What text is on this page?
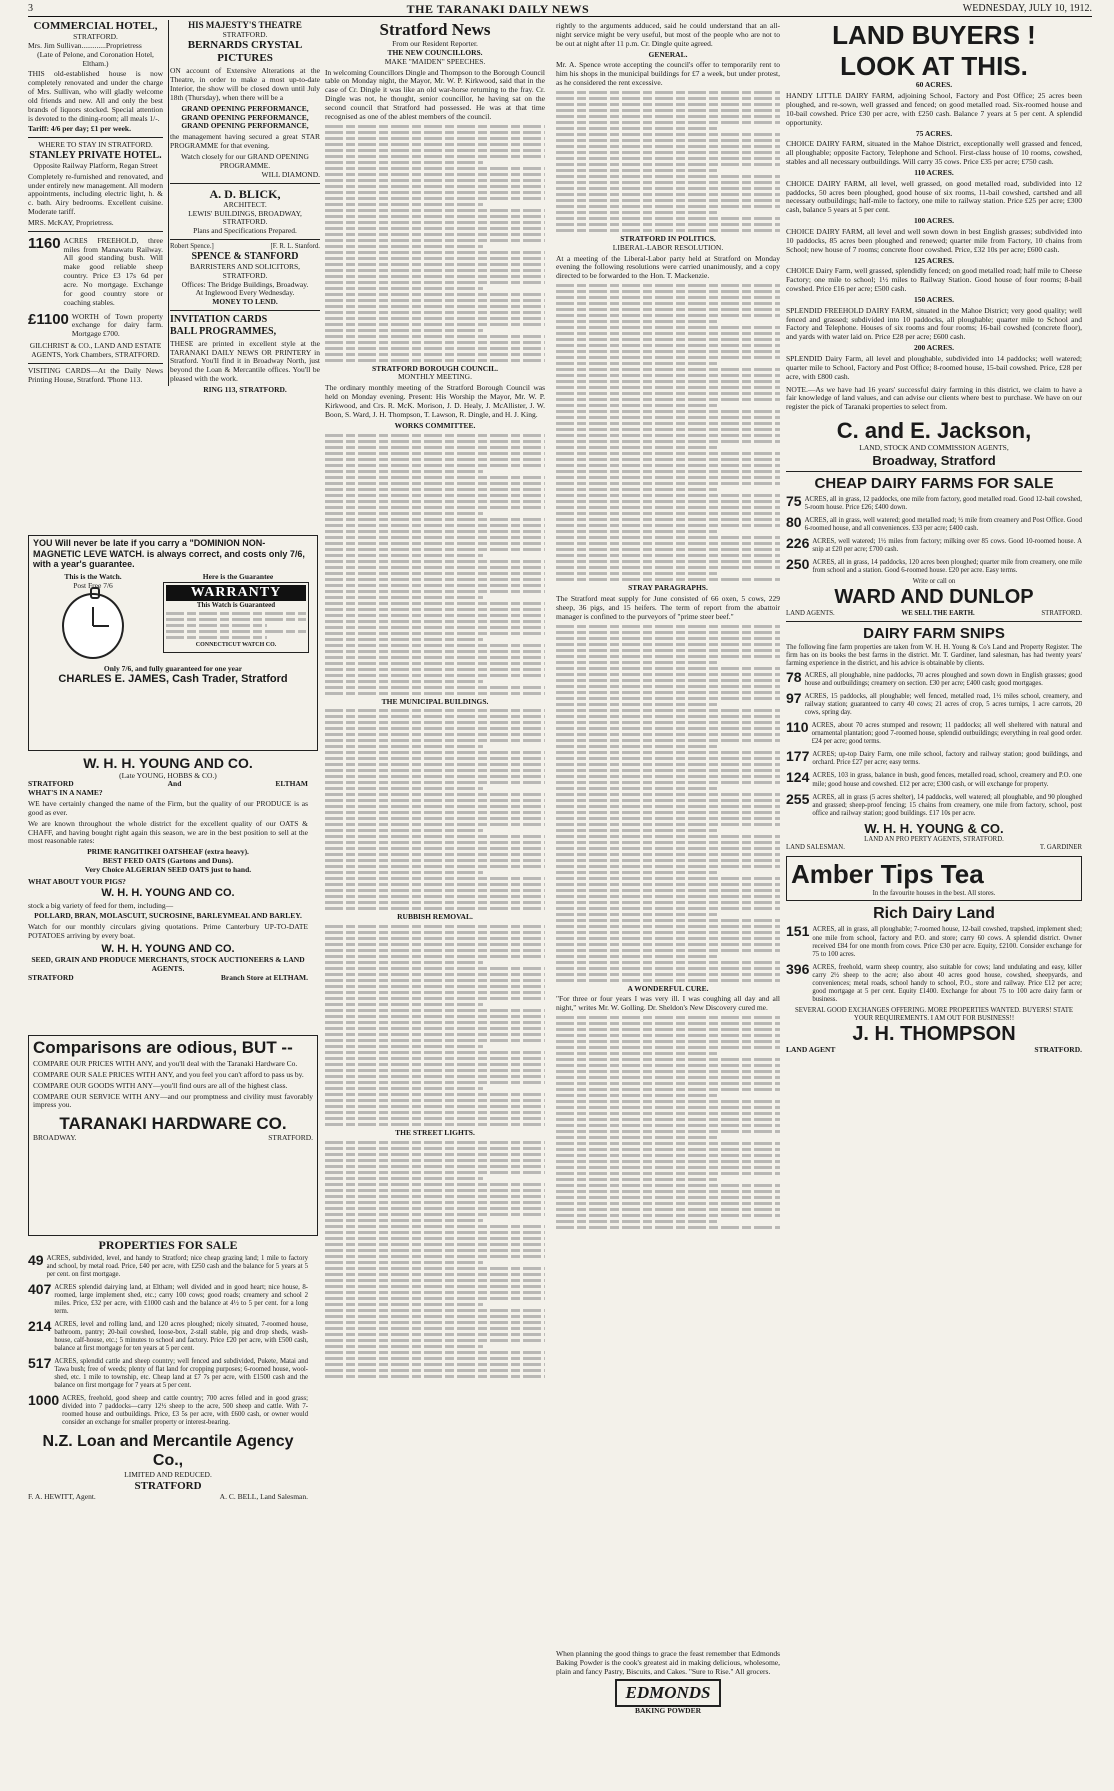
3	THE TARANAKI DAILY NEWS	WEDNESDAY, JULY 10, 1912.
COMMERCIAL HOTEL,
STRATFORD.
Mrs. Jim Sullivan.............Proprietress
(Late of Pelone, and Coronation Hotel, Eltham.)
THIS old-established house is now completely renovated and under the charge of Mrs. Sullivan, who will gladly welcome old friends and new. All and only the best brands of liquors stocked. Special attention is devoted to the dining-room; all meals 1/-.
Tariff: 4/6 per day; £1 per week.
WHERE TO STAY IN STRATFORD.
STANLEY PRIVATE HOTEL.
Opposite Railway Platform, Regan Street
Completely re-furnished and renovated, and under entirely new management. All modern appointments, including electric light, h. & c. bath. Airy bedrooms. Excellent cuisine. Moderate tariff.
MRS. McKAY, Proprietress.
1160 ACRES FREEHOLD, three miles from Manawatu Railway. All good standing bush. Will make good reliable sheep country. Price £3 17s 6d per acre. No mortgage. Exchange for good country store or coaching stables.
£1100 WORTH of Town property exchange for dairy farm. Mortgage £700.
GILCHRIST & CO., LAND AND ESTATE AGENTS, York Chambers, STRATFORD.
VISITING CARDS—At the Daily News Printing House, Stratford. 'Phone 113.
YOU Will never be late if you carry a "DOMINION NON-MAGNETIC LEVE WATCH. is always correct, and costs only 7/6, with a year's guarantee.
This is the Watch.
Post Free 7/6
Here is the Guarantee
WARRANTY
This Watch is Guaranteed
CONNECTICUT WATCH CO.
Only 7/6, and fully guaranteed for one year
CHARLES E. JAMES, Cash Trader, Stratford
W. H. H. YOUNG AND CO.
(Late YOUNG, HOBBS & CO.)
STRATFORD	And	ELTHAM
WHAT'S IN A NAME?
WE have certainly changed the name of the Firm, but the quality of our PRODUCE is as good as ever.
We are known throughout the whole district for the excellent quality of our OATS & CHAFF, and having bought right again this season, we are in the best position to sell at the most reasonable rates:
PRIME RANGITIKEI OATSHEAF (extra heavy).
BEST FEED OATS (Gartons and Duns).
Very Choice ALGERIAN SEED OATS just to hand.
WHAT ABOUT YOUR PIGS?
W. H. H. YOUNG AND CO.
stock a big variety of feed for them, including—
POLLARD, BRAN, MOLASCUIT, SUCROSINE, BARLEYMEAL AND BARLEY.
Watch for our monthly circulars giving quotations. Prime Canterbury UP-TO-DATE POTATOES arriving by every boat.
W. H. H. YOUNG AND CO.
SEED, GRAIN AND PRODUCE MERCHANTS, STOCK AUCTIONEERS & LAND AGENTS.
STRATFORD	Branch Store at ELTHAM.
Comparisons are odious, BUT --
COMPARE OUR PRICES WITH ANY, and you'll deal with the Taranaki Hardware Co.
COMPARE OUR SALE PRICES WITH ANY, and you feel you can't afford to pass us by.
COMPARE OUR GOODS WITH ANY—you'll find ours are all of the highest class.
COMPARE OUR SERVICE WITH ANY—and our promptness and civility must favorably impress you.
TARANAKI HARDWARE CO.
BROADWAY.	STRATFORD.
PROPERTIES FOR SALE
49 ACRES, subdivided, level, and handy to Stratford; nice cheap grazing land; 1 mile to factory and school, by metal road. Price, £40 per acre, with £250 cash and the balance for 5 years at 5 per cent. on first mortgage.
407 ACRES splendid dairying land, at Eltham; well divided and in good heart; nice house, 8-roomed, large implement shed, etc.; carry 100 cows; good roads; creamery and school 2 miles. Price, £32 per acre, with £1000 cash and the balance at 4½ to 5 per cent. for a long term.
214 ACRES, level and rolling land, and 120 acres ploughed; nicely situated, 7-roomed house, bathroom, pantry; 20-bail cowshed, loose-box, 2-stall stable, pig and drop sheds, wash-house, calf-house, etc.; 5 minutes to school and factory. Price £20 per acre, with £500 cash, balance at first mortgage for ten years at 5 per cent.
517 ACRES, splendid cattle and sheep country; well fenced and subdivided, Pukete, Matai and Tawa bush; free of weeds; plenty of flat land for cropping purposes; 6-roomed house, wool-shed, etc. 1 mile to township, etc. Cheap land at £7 7s per acre, with £1500 cash and the balance on first mortgage for 7 years at 5 per cent.
1000 ACRES, freehold, good sheep and cattle country; 700 acres felled and in good grass; divided into 7 paddocks—carry 12½ sheep to the acre, 500 sheep and cattle. With 7-roomed house and outbuildings. Price, £3 5s per acre, with £600 cash, or owner would consider an exchange for smaller property or interest-bearing.
N.Z. Loan and Mercantile Agency Co.,
LIMITED AND REDUCED.
STRATFORD
F. A. HEWITT, Agent.	A. C. BELL, Land Salesman.
HIS MAJESTY'S THEATRE
STRATFORD.
BERNARDS CRYSTAL PICTURES
ON account of Extensive Alterations at the Theatre, in order to make a most up-to-date Interior, the show will be closed down until July 18th (Thursday), when there will be a
GRAND OPENING PERFORMANCE,
GRAND OPENING PERFORMANCE,
GRAND OPENING PERFORMANCE,
the management having secured a great STAR PROGRAMME for that evening.
Watch closely for our GRAND OPENING PROGRAMME.
WILL DIAMOND.
A. D. BLICK,
ARCHITECT.
LEWIS' BUILDINGS, BROADWAY, STRATFORD.
Plans and Specifications Prepared.
Robert Spence.]	[F. R. L. Stanford.
SPENCE & STANFORD
BARRISTERS AND SOLICITORS, STRATFORD.
Offices: The Bridge Buildings, Broadway.
At Inglewood Every Wednesday.
MONEY TO LEND.
INVITATION CARDS
BALL PROGRAMMES,
THESE are printed in excellent style at the TARANAKI DAILY NEWS OR PRINTERY in Stratford. You'll find it in Broadway North, just beyond the Loan & Mercantile offices. You'll be pleased with the work.
RING 113, STRATFORD.
Stratford News
From our Resident Reporter.
THE NEW COUNCILLORS.
MAKE "MAIDEN" SPEECHES.
In welcoming Councillors Dingle and Thompson to the Borough Council table on Monday night, the Mayor, Mr. W. P. Kirkwood, said that in the case of Cr. Dingle it was like an old war-horse returning to the fray. Cr. Dingle was not, he thought, senior councillor, he having sat on the second council that Stratford had possessed. He was at that time recognised as one of the ablest members of the council.
STRATFORD BOROUGH COUNCIL.
MONTHLY MEETING.
The ordinary monthly meeting of the Stratford Borough Council was held on Monday evening. Present: His Worship the Mayor, Mr. W. P. Kirkwood, and Crs. R. McK. Morison, J. D. Healy, J. McAllister, J. W. Boon, S. Ward, J. H. Thompson, T. Lawson, R. Dingle, and H. J. King.
WORKS COMMITTEE.
THE MUNICIPAL BUILDINGS.
RUBBISH REMOVAL.
THE STREET LIGHTS.
rightly to the arguments adduced, said he could understand that an all-night service might be very useful, but most of the people who are not to be out at night after 11 p.m. Cr. Dingle quite agreed.
GENERAL.
Mr. A. Spence wrote accepting the council's offer to temporarily rent to him his shops in the municipal buildings for £7 a week, but under protest, as he considered the rent excessive.
STRATFORD IN POLITICS.
LIBERAL-LABOR RESOLUTION.
At a meeting of the Liberal-Labor party held at Stratford on Monday evening the following resolutions were carried unanimously, and a copy directed to be forwarded to the Hon. T. Mackenzie.
STRAY PARAGRAPHS.
The Stratford meat supply for June consisted of 66 oxen, 5 cows, 229 sheep, 36 pigs, and 15 heifers. The term of report from the abattoir manager is confined to the purveyors of "prime steer beef."
A WONDERFUL CURE.
"For three or four years I was very ill. I was coughing all day and all night," writes Mr. W. Golling. Dr. Sheldon's New Discovery cured me.
When planning the good things to grace the feast remember that Edmonds Baking Powder is the cook's greatest aid in making delicious, wholesome, plain and fancy Pastry, Biscuits, and Cakes. "Sure to Rise." All grocers.
EDMONDS
BAKING POWDER
LAND BUYERS !
LOOK AT THIS.
60 ACRES.
HANDY LITTLE DAIRY FARM, adjoining School, Factory and Post Office; 25 acres been ploughed, and re-sown, well grassed and fenced; on good metalled road. Six-roomed house and 10-bail cowshed. Price £30 per acre, with £250 cash. Balance 7 years at 5 per cent. A splendid opportunity.
75 ACRES.
CHOICE DAIRY FARM, situated in the Mahoe District, exceptionally well grassed and fenced, all ploughable; opposite Factory, Telephone and School. First-class house of 10 rooms, cowshed, stables and all necessary outbuildings. Will carry 35 cows. Price £35 per acre; £750 cash.
110 ACRES.
CHOICE DAIRY FARM, all level, well grassed, on good metalled road, subdivided into 12 paddocks, 50 acres been ploughed, good house of six rooms, 11-bail cowshed, cartshed and all necessary outbuildings; half-mile to factory, one mile to railway station. Price £25 per acre; £300 cash, balance 5 years at 5 per cent.
100 ACRES.
CHOICE DAIRY FARM, all level and well sown down in best English grasses; subdivided into 10 paddocks, 85 acres been ploughed and renewed; quarter mile from Factory, 10 chains from School; new house of 7 rooms; concrete floor cowshed. Price, £32 10s per acre; £600 cash.
125 ACRES.
CHOICE Dairy Farm, well grassed, splendidly fenced; on good metalled road; half mile to Cheese Factory; one mile to school; 1½ miles to Railway Station. Good house of four rooms; 8-bail cowshed. Price £16 per acre; £500 cash.
150 ACRES.
SPLENDID FREEHOLD DAIRY FARM, situated in the Mahoe District; very good quality; well fenced and grassed; subdivided into 10 paddocks, all ploughable; quarter mile to School and Factory and Telephone. Houses of six rooms and four rooms; 16-bail cowshed (concrete floor), and yards with water laid on. Price £28 per acre; £600 cash.
200 ACRES.
SPLENDID Dairy Farm, all level and ploughable, subdivided into 14 paddocks; well watered; quarter mile to School, Factory and Post Office; 8-roomed house, 15-bail cowshed. Price, £28 per acre, with £800 cash.
NOTE.—As we have had 16 years' successful dairy farming in this district, we claim to have a fair knowledge of land values, and can advise our clients where best to purchase. We have on our register the pick of Taranaki properties to select from.
C. and E. Jackson,
LAND, STOCK AND COMMISSION AGENTS,
Broadway, Stratford
CHEAP DAIRY FARMS FOR SALE
75 ACRES, all in grass, 12 paddocks, one mile from factory, good metalled road. Good 12-bail cowshed, 5-room house. Price £26; £400 down.
80 ACRES, all in grass, well watered; good metalled road; ½ mile from creamery and Post Office. Good 6-roomed house, and all conveniences. £33 per acre; £400 cash.
226 ACRES, well watered; 1½ miles from factory; milking over 85 cows. Good 10-roomed house. A snip at £20 per acre; £700 cash.
250 ACRES, all in grass, 14 paddocks, 120 acres been ploughed; quarter mile from creamery, one mile from school and a station. Good 6-roomed house. £20 per acre. Easy terms.
Write or call on
WARD AND DUNLOP
LAND AGENTS.	WE SELL THE EARTH.	STRATFORD.
DAIRY FARM SNIPS
The following fine farm properties are taken from W. H. H. Young & Co's Land and Property Register. The firm has on its books the best farms in the district. Mr. T. Gardiner, land salesman, has had twenty years' farming experience in the district, and his advice is obtainable by clients.
78 ACRES, all ploughable, nine paddocks, 70 acres ploughed and sown down in English grasses; good house and outbuildings; creamery on section. £30 per acre; £400 cash; good mortgages.
97 ACRES, 15 paddocks, all ploughable; well fenced, metalled road, 1½ miles school, creamery, and railway station; guaranteed to carry 40 cows; 21 acres of crop, 5 acres turnips, 1 acre carrots, 20 cows, spring day.
110 ACRES, about 70 acres stumped and resown; 11 paddocks; all well sheltered with natural and ornamental plantation; good 7-roomed house, splendid outbuildings; everything in real good order. £24 per acre; good terms.
177 ACRES; up-top Dairy Farm, one mile school, factory and railway station; good buildings, and orchard. Price £27 per acre; easy terms.
124 ACRES, 103 in grass, balance in bush, good fences, metalled road, school, creamery and P.O. one mile; good house and cowshed. £12 per acre; £300 cash, or will exchange for property.
255 ACRES, all in grass (5 acres shelter), 14 paddocks, well watered; all ploughable, and 90 ploughed and grassed; sheep-proof fencing; 15 chains from creamery, one mile from factory, school, post office and railway station; good buildings. £17 10s per acre.
W. H. H. YOUNG & CO.
LAND AN PRO PERTY AGENTS, STRATFORD.
LAND SALESMAN.	T. GARDINER
Amber Tips Tea
In the favourite houses in the best. All stores.
Rich Dairy Land
151 ACRES, all in grass, all ploughable; 7-roomed house, 12-bail cowshed, trapshed, implement shed; one mile from school, factory and P.O. and store; carry 60 cows. A splendid district. Owner received £84 for one month from cows. Price £30 per acre. Equity, £2100. Consider exchange for 75 to 100 acres.
396 ACRES, freehold, warm sheep country, also suitable for cows; land undulating and easy, killer carry 2½ sheep to the acre; also about 40 acres good house, cowshed, sheepyards, and conveniences; metal roads, school handy to school, P.O., store and railway. Price £12 per acre; good mortgage at 5 per cent. Equity £1400. Exchange for about 75 to 100 acre dairy farm or business.
SEVERAL GOOD EXCHANGES OFFERING. MORE PROPERTIES WANTED. BUYERS! STATE YOUR REQUIREMENTS. I AM OUT FOR BUSINESS!!
J. H. THOMPSON
LAND AGENT	STRATFORD.
